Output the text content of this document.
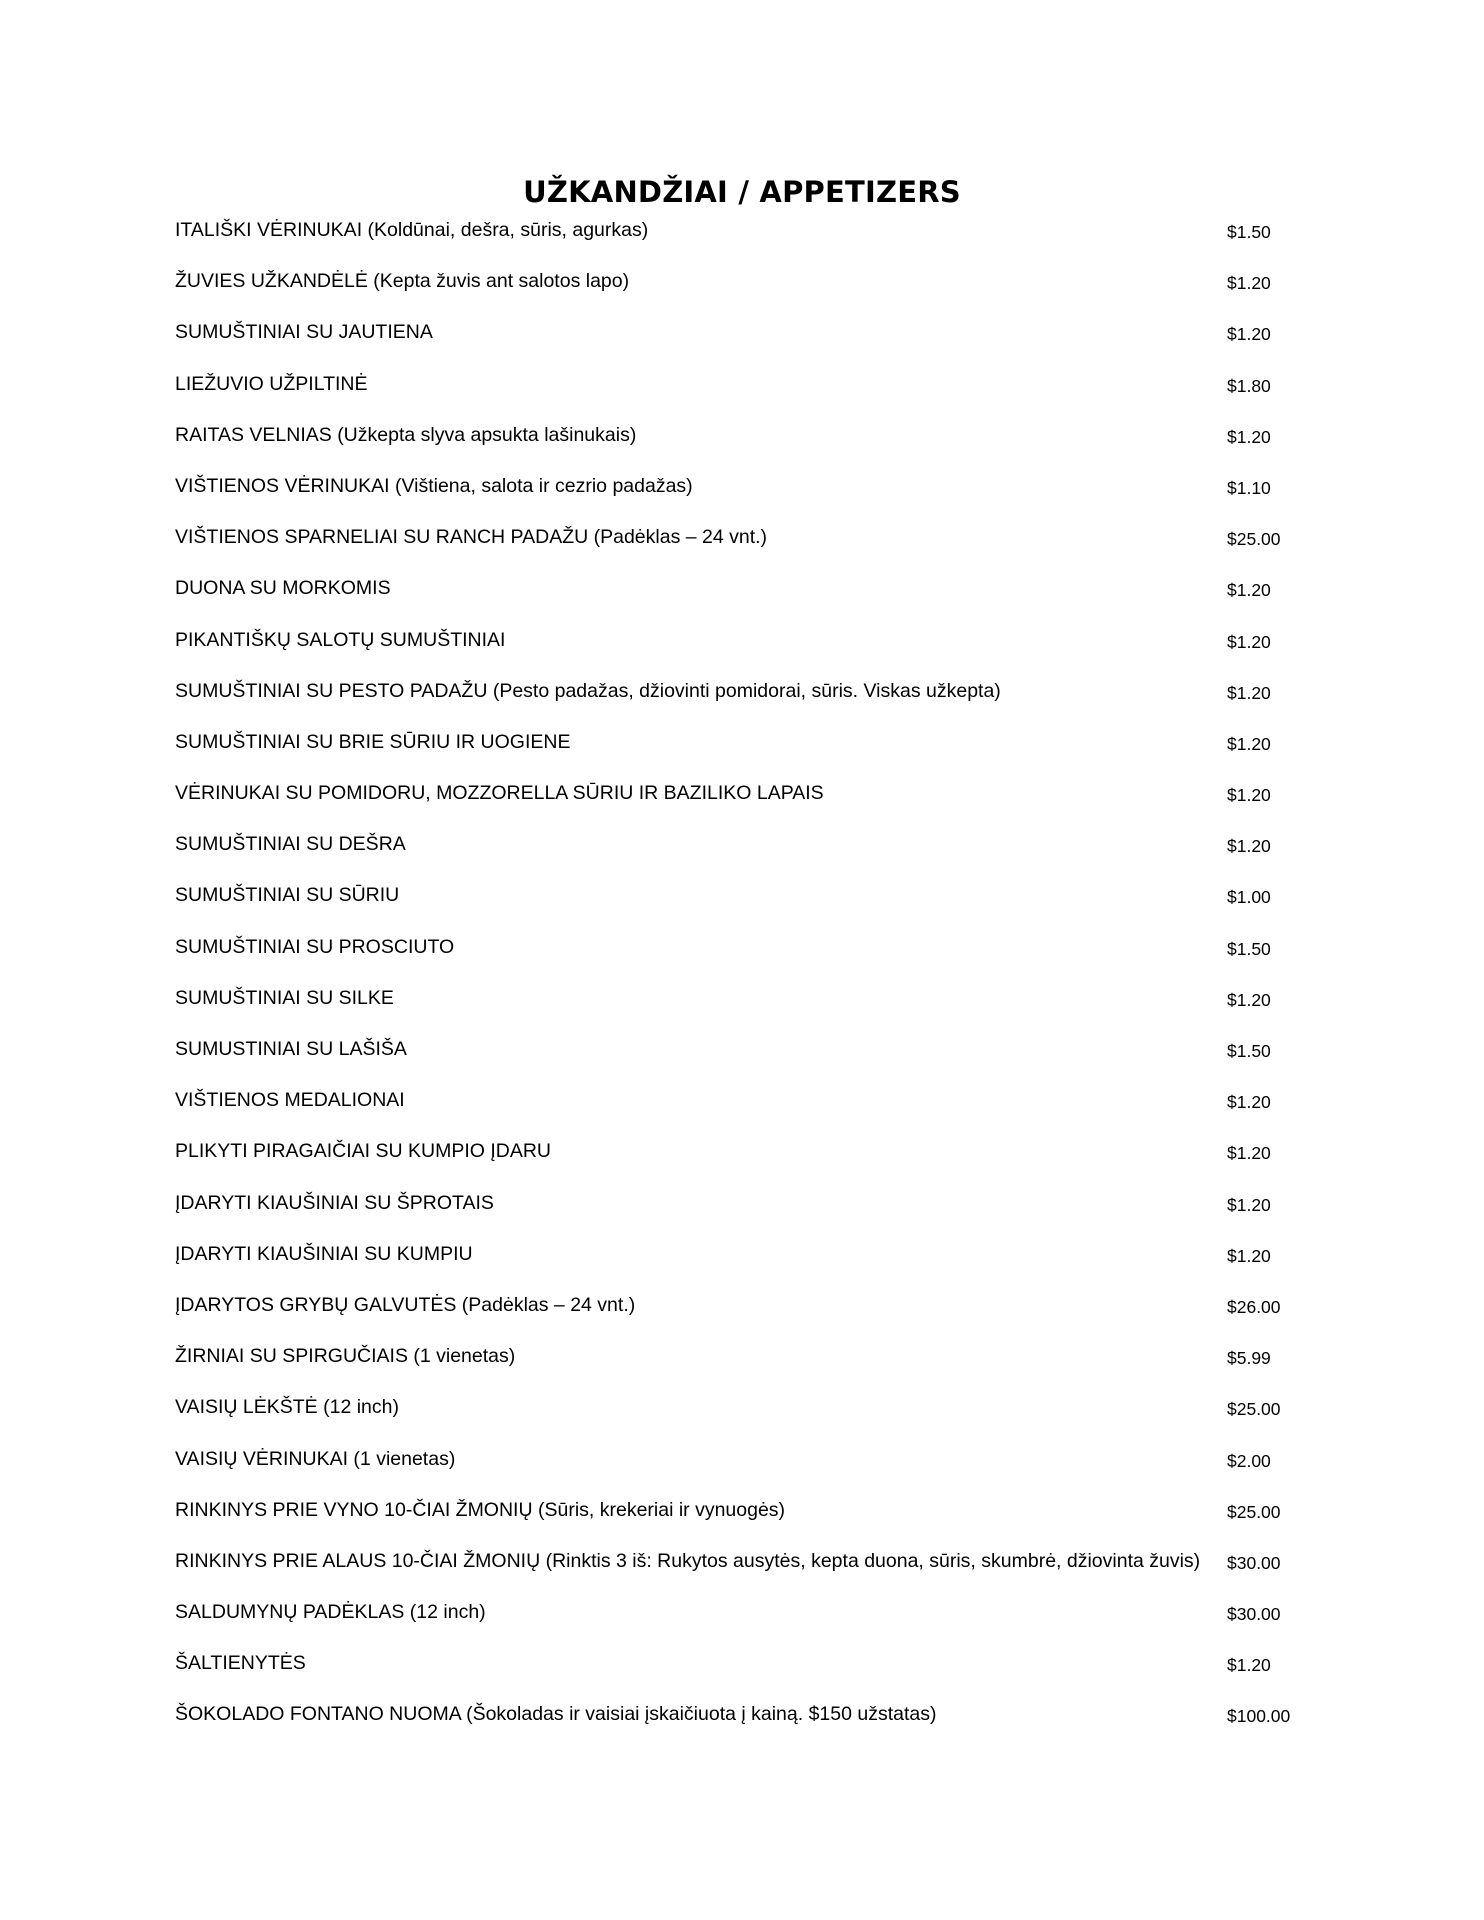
UŽKANDŽIAI / APPETIZERS
ITALIŠKI VĖRINUKAI (Koldūnai, dešra, sūris, agurkas)	$1.50
ŽUVIES UŽKANDĖLĖ (Kepta žuvis ant salotos lapo)	$1.20
SUMUŠTINIAI SU JAUTIENA	$1.20
LIEŽUVIO UŽPILTINĖ	$1.80
RAITAS VELNIAS (Užkepta slyva apsukta lašinukais)	$1.20
VIŠTIENOS VĖRINUKAI (Vištiena, salota ir cezrio padažas)	$1.10
VIŠTIENOS SPARNELIAI SU RANCH PADAŽU (Padėklas – 24 vnt.)	$25.00
DUONA SU MORKOMIS	$1.20
PIKANTIŠKŲ SALOTŲ SUMUŠTINIAI	$1.20
SUMUŠTINIAI SU PESTO PADAŽU (Pesto padažas, džiovinti pomidorai, sūris. Viskas užkepta)	$1.20
SUMUŠTINIAI SU BRIE SŪRIU IR UOGIENE	$1.20
VĖRINUKAI SU POMIDORU, MOZZORELLA SŪRIU IR BAZILIKO LAPAIS	$1.20
SUMUŠTINIAI SU DEŠRA	$1.20
SUMUŠTINIAI SU SŪRIU	$1.00
SUMUŠTINIAI SU PROSCIUTO	$1.50
SUMUŠTINIAI SU SILKE	$1.20
SUMUSTINIAI SU LAŠIŠA	$1.50
VIŠTIENOS MEDALIONAI	$1.20
PLIKYTI PIRAGAIČIAI SU KUMPIO ĮDARU	$1.20
ĮDARYTI KIAUŠINIAI SU ŠPROTAIS	$1.20
ĮDARYTI KIAUŠINIAI SU KUMPIU	$1.20
ĮDARYTOS GRYBŲ GALVUTĖS (Padėklas – 24 vnt.)	$26.00
ŽIRNIAI SU SPIRGUČIAIS (1 vienetas)	$5.99
VAISIŲ LĖKŠTĖ (12 inch)	$25.00
VAISIŲ VĖRINUKAI (1 vienetas)	$2.00
RINKINYS PRIE VYNO 10-ČIAI ŽMONIŲ (Sūris, krekeriai ir vynuogės)	$25.00
RINKINYS PRIE ALAUS 10-ČIAI ŽMONIŲ (Rinktis 3 iš: Rukytos ausytės, kepta duona, sūris, skumbrė, džiovinta žuvis) $30.00
SALDUMYNŲ PADĖKLAS (12 inch)	$30.00
ŠALTIENYTĖS	$1.20
ŠOKOLADO FONTANO NUOMA (Šokoladas ir vaisiai įskaičiuota į kainą. $150 užstatas)	$100.00
